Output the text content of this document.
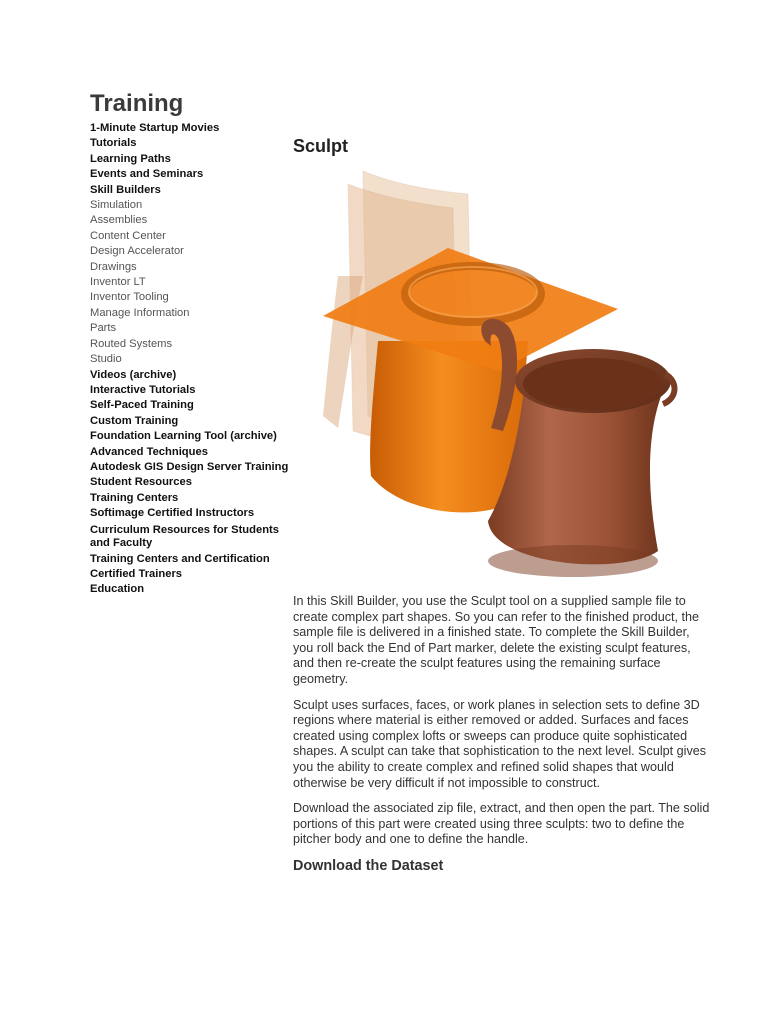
Training
1-Minute Startup Movies
Tutorials
Learning Paths
Events and Seminars
Skill Builders
Simulation
Assemblies
Content Center
Design Accelerator
Drawings
Inventor LT
Inventor Tooling
Manage Information
Parts
Routed Systems
Studio
Videos (archive)
Interactive Tutorials
Self-Paced Training
Custom Training
Foundation Learning Tool (archive)
Advanced Techniques
Autodesk GIS Design Server Training
Student Resources
Training Centers
Softimage Certified Instructors
Curriculum Resources for Students and Faculty
Training Centers and Certification
Certified Trainers
Education
Sculpt

In this Skill Builder, you use the Sculpt tool on a supplied sample file to create complex part shapes. So you can refer to the finished product, the sample file is delivered in a finished state. To complete the Skill Builder, you roll back the End of Part marker, delete the existing sculpt features, and then re-create the sculpt features using the remaining surface geometry.

Sculpt uses surfaces, faces, or work planes in selection sets to define 3D regions where material is either removed or added. Surfaces and faces created using complex lofts or sweeps can produce quite sophisticated shapes. A sculpt can take that sophistication to the next level. Sculpt gives you the ability to create complex and refined solid shapes that would otherwise be very difficult if not impossible to construct.

Download the associated zip file, extract, and then open the part. The solid portions of this part were created using three sculpts: two to define the pitcher body and one to define the handle.

Download the Dataset
